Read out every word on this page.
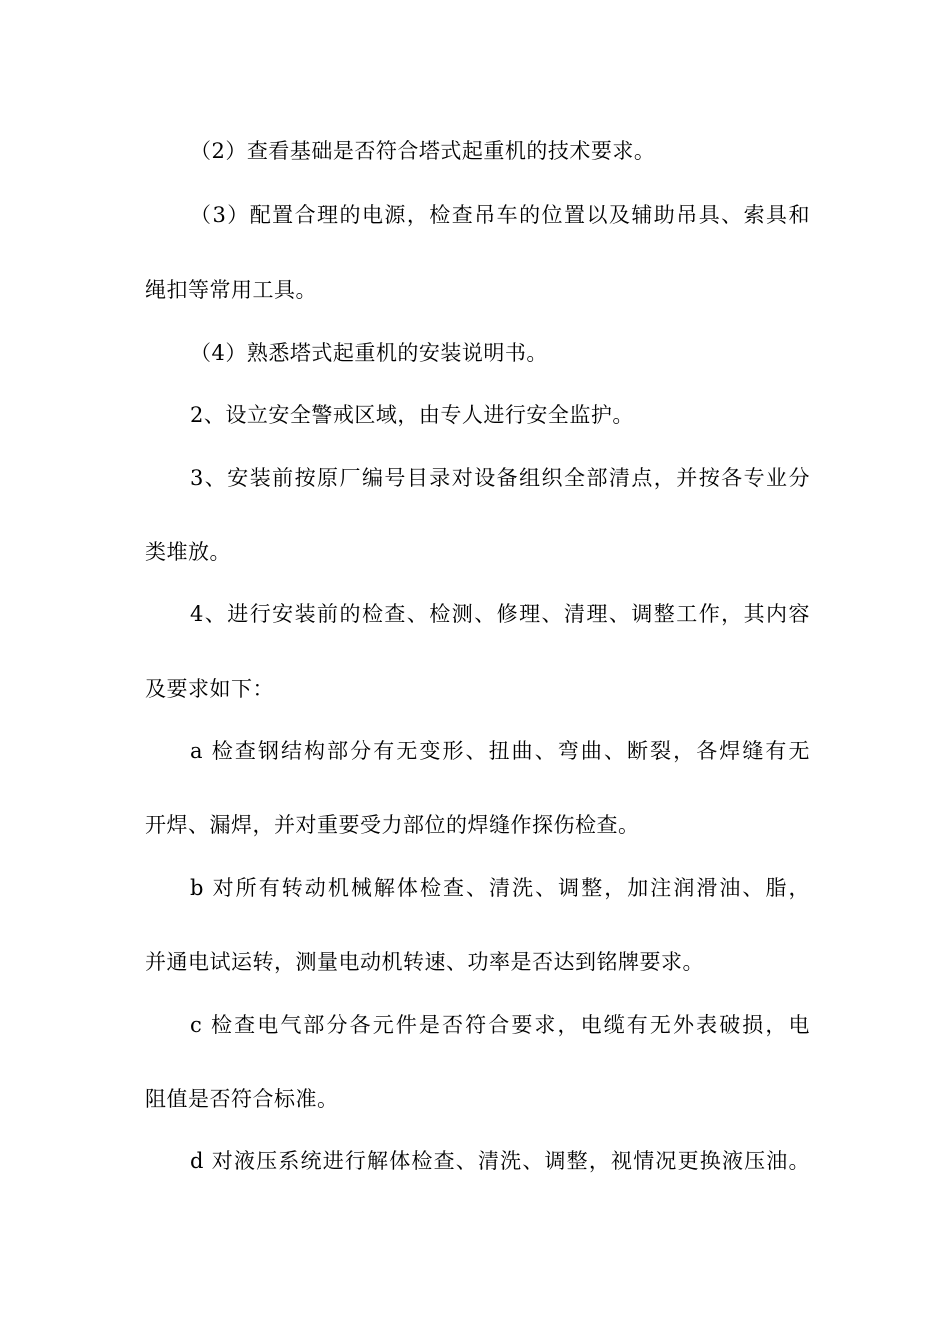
（2）查看基础是否符合塔式起重机的技术要求。
（3）配置合理的电源，检查吊车的位置以及辅助吊具、索具和
绳扣等常用工具。
（4）熟悉塔式起重机的安装说明书。
2、设立安全警戒区域，由专人进行安全监护。
3、安装前按原厂编号目录对设备组织全部清点，并按各专业分
类堆放。
4、进行安装前的检查、检测、修理、清理、调整工作，其内容
及要求如下：
a 检查钢结构部分有无变形、扭曲、弯曲、断裂，各焊缝有无
开焊、漏焊，并对重要受力部位的焊缝作探伤检查。
b 对所有转动机械解体检查、清洗、调整，加注润滑油、脂，
并通电试运转，测量电动机转速、功率是否达到铭牌要求。
c 检查电气部分各元件是否符合要求，电缆有无外表破损，电
阻值是否符合标准。
d 对液压系统进行解体检查、清洗、调整，视情况更换液压油。
